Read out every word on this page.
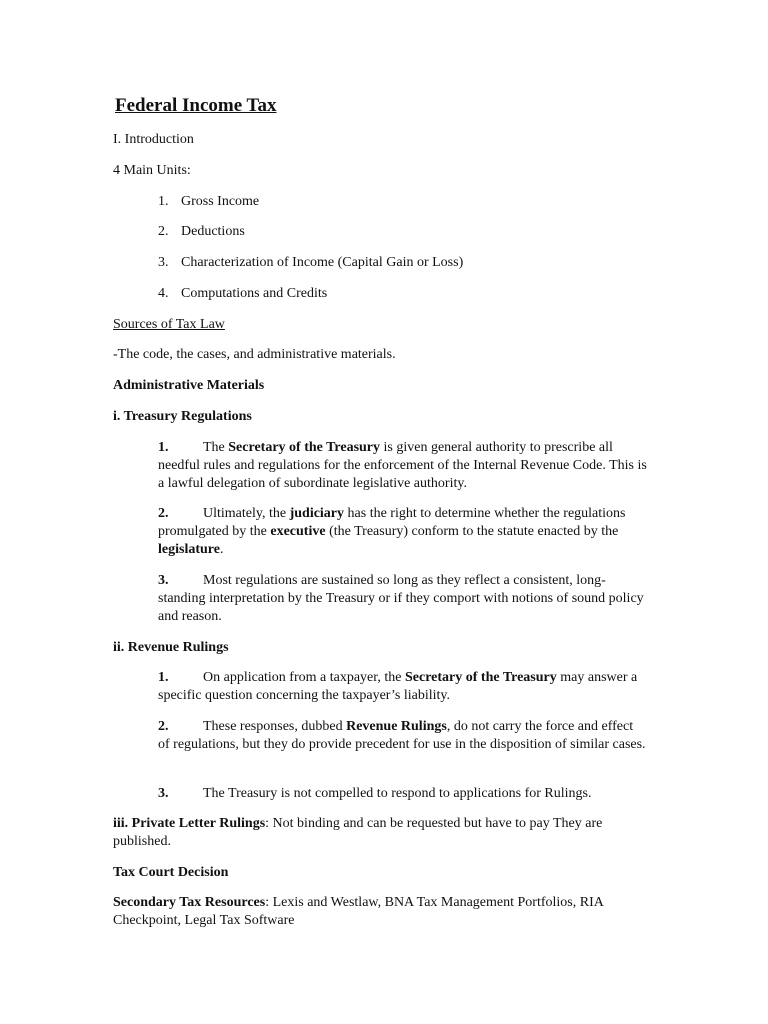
Federal Income Tax
I. Introduction
4 Main Units:
1. Gross Income
2. Deductions
3. Characterization of Income (Capital Gain or Loss)
4. Computations and Credits
Sources of Tax Law
-The code, the cases, and administrative materials.
Administrative Materials
i. Treasury Regulations
1. The Secretary of the Treasury is given general authority to prescribe all needful rules and regulations for the enforcement of the Internal Revenue Code. This is a lawful delegation of subordinate legislative authority.
2. Ultimately, the judiciary has the right to determine whether the regulations promulgated by the executive (the Treasury) conform to the statute enacted by the legislature.
3. Most regulations are sustained so long as they reflect a consistent, long-standing interpretation by the Treasury or if they comport with notions of sound policy and reason.
ii. Revenue Rulings
1. On application from a taxpayer, the Secretary of the Treasury may answer a specific question concerning the taxpayer’s liability.
2. These responses, dubbed Revenue Rulings, do not carry the force and effect of regulations, but they do provide precedent for use in the disposition of similar cases.
3. The Treasury is not compelled to respond to applications for Rulings.
iii. Private Letter Rulings: Not binding and can be requested but have to pay They are published.
Tax Court Decision
Secondary Tax Resources: Lexis and Westlaw, BNA Tax Management Portfolios, RIA Checkpoint, Legal Tax Software
